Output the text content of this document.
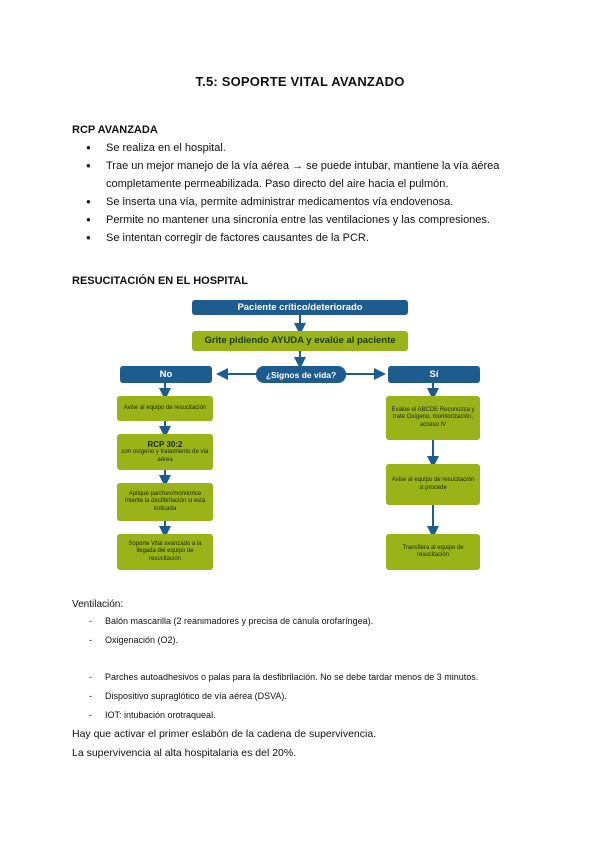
T.5: SOPORTE VITAL AVANZADO
RCP AVANZADA
● Se realiza en el hospital.
● Trae un mejor manejo de la vía aérea → se puede intubar, mantiene la vía aérea completamente permeabilizada. Paso directo del aire hacia el pulmón.
● Se inserta una vía, permite administrar medicamentos vía endovenosa.
● Permite no mantener una sincronía entre las ventilaciones y las compresiones.
● Se intentan corregir de factores causantes de la PCR.
RESUCITACIÓN EN EL HOSPITAL
Paciente crítico/deteriorado
Grite pidiendo AYUDA y evalúe al paciente
¿Signos de vida?
No	Sí
Avise al equipo de resucitación
RCP 30:2
con oxígeno y tratamiento de vía aérea
Aplique parches/monitorice Intente la desfibrilación si está indicada
Soporte Vital avanzado a la llegada del equipo de resucitación
Evalúe el ABCDE Reconozca y trate Oxígeno, monitorización, acceso IV
Avise al equipo de resucitación si procede
Transfiera al equipo de resucitación
Ventilación:
- Balón mascarilla (2 reanimadores y precisa de cánula orofaríngea).
- Oxigenación (O2).
- Parches autoadhesivos o palas para la desfibrilación. No se debe tardar menos de 3 minutos.
- Dispositivo supraglótico de vía aérea (DSVA).
- IOT: intubación orotraqueal.
Hay que activar el primer eslabón de la cadena de supervivencia.
La supervivencia al alta hospitalaria es del 20%.
